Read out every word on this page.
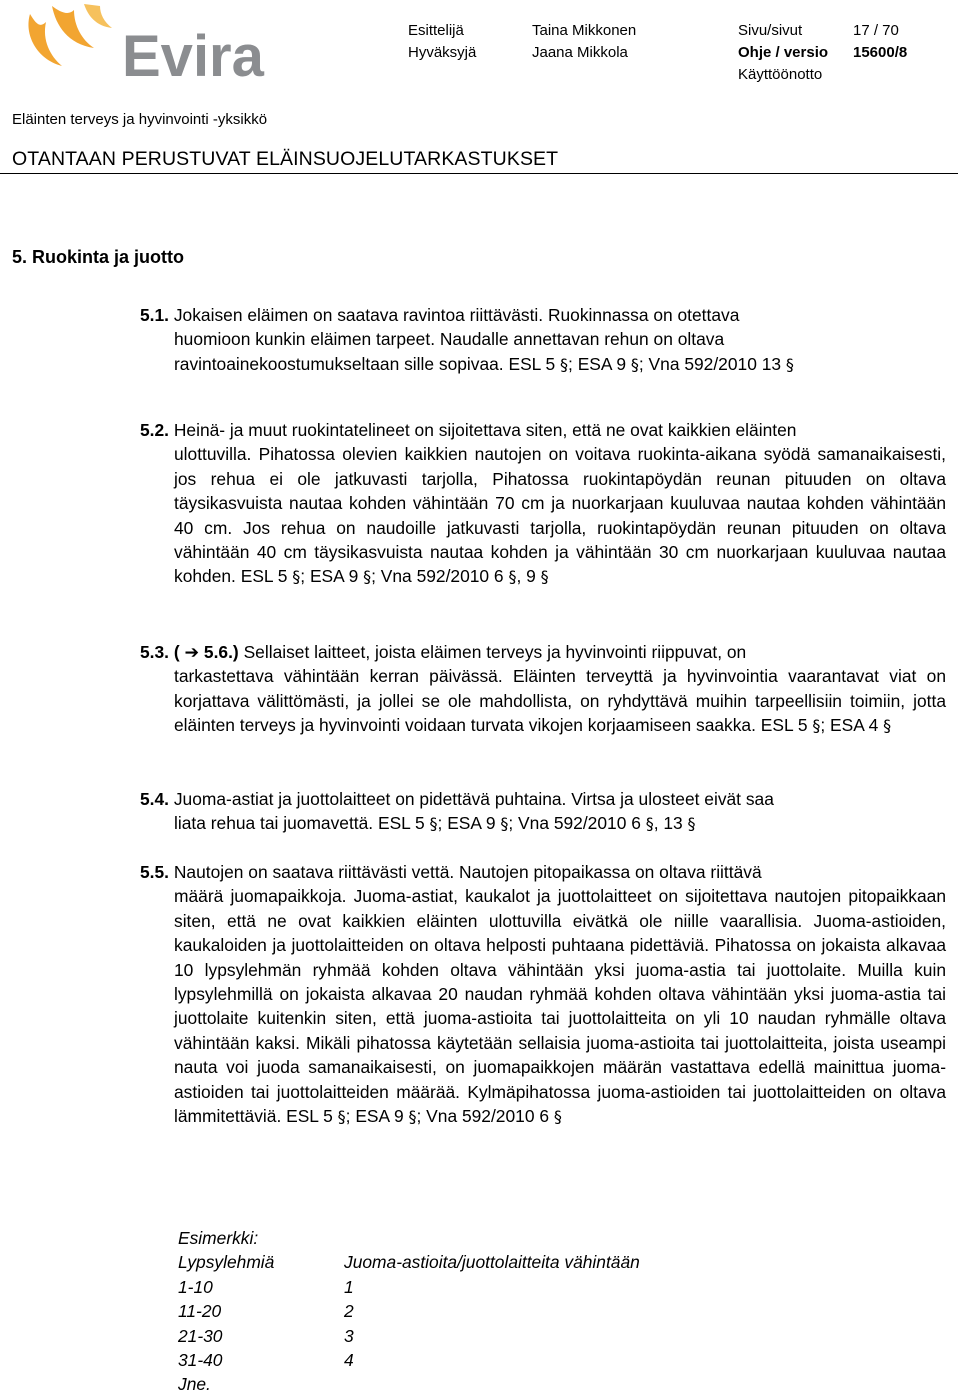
Evira	Esittelijä	Taina Mikkonen	Sivu/sivut	17 / 70
Hyväksyjä	Jaana Mikkola	Ohje / versio 15600/8
Käyttöönotto
Eläinten terveys ja hyvinvointi -yksikkö
OTANTAAN PERUSTUVAT ELÄINSUOJELUTARKASTUKSET
5. Ruokinta ja juotto
5.1. Jokaisen eläimen on saatava ravintoa riittävästi. Ruokinnassa on otettava
huomioon kunkin eläimen tarpeet. Naudalle annettavan rehun on oltava
ravintoainekoostumukseltaan sille sopivaa. ESL 5 §; ESA 9 §; Vna 592/2010 13 §
5.2. Heinä- ja muut ruokintatelineet on sijoitettava siten, että ne ovat kaikkien eläinten
ulottuvilla. Pihatossa olevien kaikkien nautojen on voitava ruokinta-aikana syödä samanaikaisesti, jos rehua ei ole jatkuvasti tarjolla, Pihatossa ruokintapöydän reunan pituuden on oltava täysikasvuista nautaa kohden vähintään 70 cm ja nuorkarjaan kuuluvaa nautaa kohden vähintään 40 cm. Jos rehua on naudoille jatkuvasti tarjolla, ruokintapöydän reunan pituuden on oltava vähintään 40 cm täysikasvuista nautaa kohden ja vähintään 30 cm nuorkarjaan kuuluvaa nautaa kohden. ESL 5 §; ESA 9 §; Vna 592/2010 6 §, 9 §
5.3. ( ➔ 5.6.) Sellaiset laitteet, joista eläimen terveys ja hyvinvointi riippuvat, on
tarkastettava vähintään kerran päivässä. Eläinten terveyttä ja hyvinvointia vaarantavat viat on korjattava välittömästi, ja jollei se ole mahdollista, on ryhdyttävä muihin tarpeellisiin toimiin, jotta eläinten terveys ja hyvinvointi voidaan turvata vikojen korjaamiseen saakka. ESL 5 §; ESA 4 §
5.4. Juoma-astiat ja juottolaitteet on pidettävä puhtaina. Virtsa ja ulosteet eivät saa
liata rehua tai juomavettä. ESL 5 §; ESA 9 §; Vna 592/2010 6 §, 13 §
5.5. Nautojen on saatava riittävästi vettä. Nautojen pitopaikassa on oltava riittävä
määrä juomapaikkoja. Juoma-astiat, kaukalot ja juottolaitteet on sijoitettava nautojen pitopaikkaan siten, että ne ovat kaikkien eläinten ulottuvilla eivätkä ole niille vaarallisia. Juoma-astioiden, kaukaloiden ja juottolaitteiden on oltava helposti puhtaana pidettäviä. Pihatossa on jokaista alkavaa 10 lypsylehmän ryhmää kohden oltava vähintään yksi juoma-astia tai juottolaite. Muilla kuin lypsylehmillä on jokaista alkavaa 20 naudan ryhmää kohden oltava vähintään yksi juoma-astia tai juottolaite kuitenkin siten, että juoma-astioita tai juottolaitteita on yli 10 naudan ryhmälle oltava vähintään kaksi. Mikäli pihatossa käytetään sellaisia juoma-astioita tai juottolaitteita, joista useampi nauta voi juoda samanaikaisesti, on juomapaikkojen määrän vastattava edellä mainittua juoma-astioiden tai juottolaitteiden määrää. Kylmäpihatossa juoma-astioiden tai juottolaitteiden on oltava lämmitettäviä. ESL 5 §; ESA 9 §; Vna 592/2010 6 §
Esimerkki:
Lypsylehmiä	Juoma-astioita/juottolaitteita vähintään
1-10	1
11-20	2
21-30	3
31-40	4
Jne.
